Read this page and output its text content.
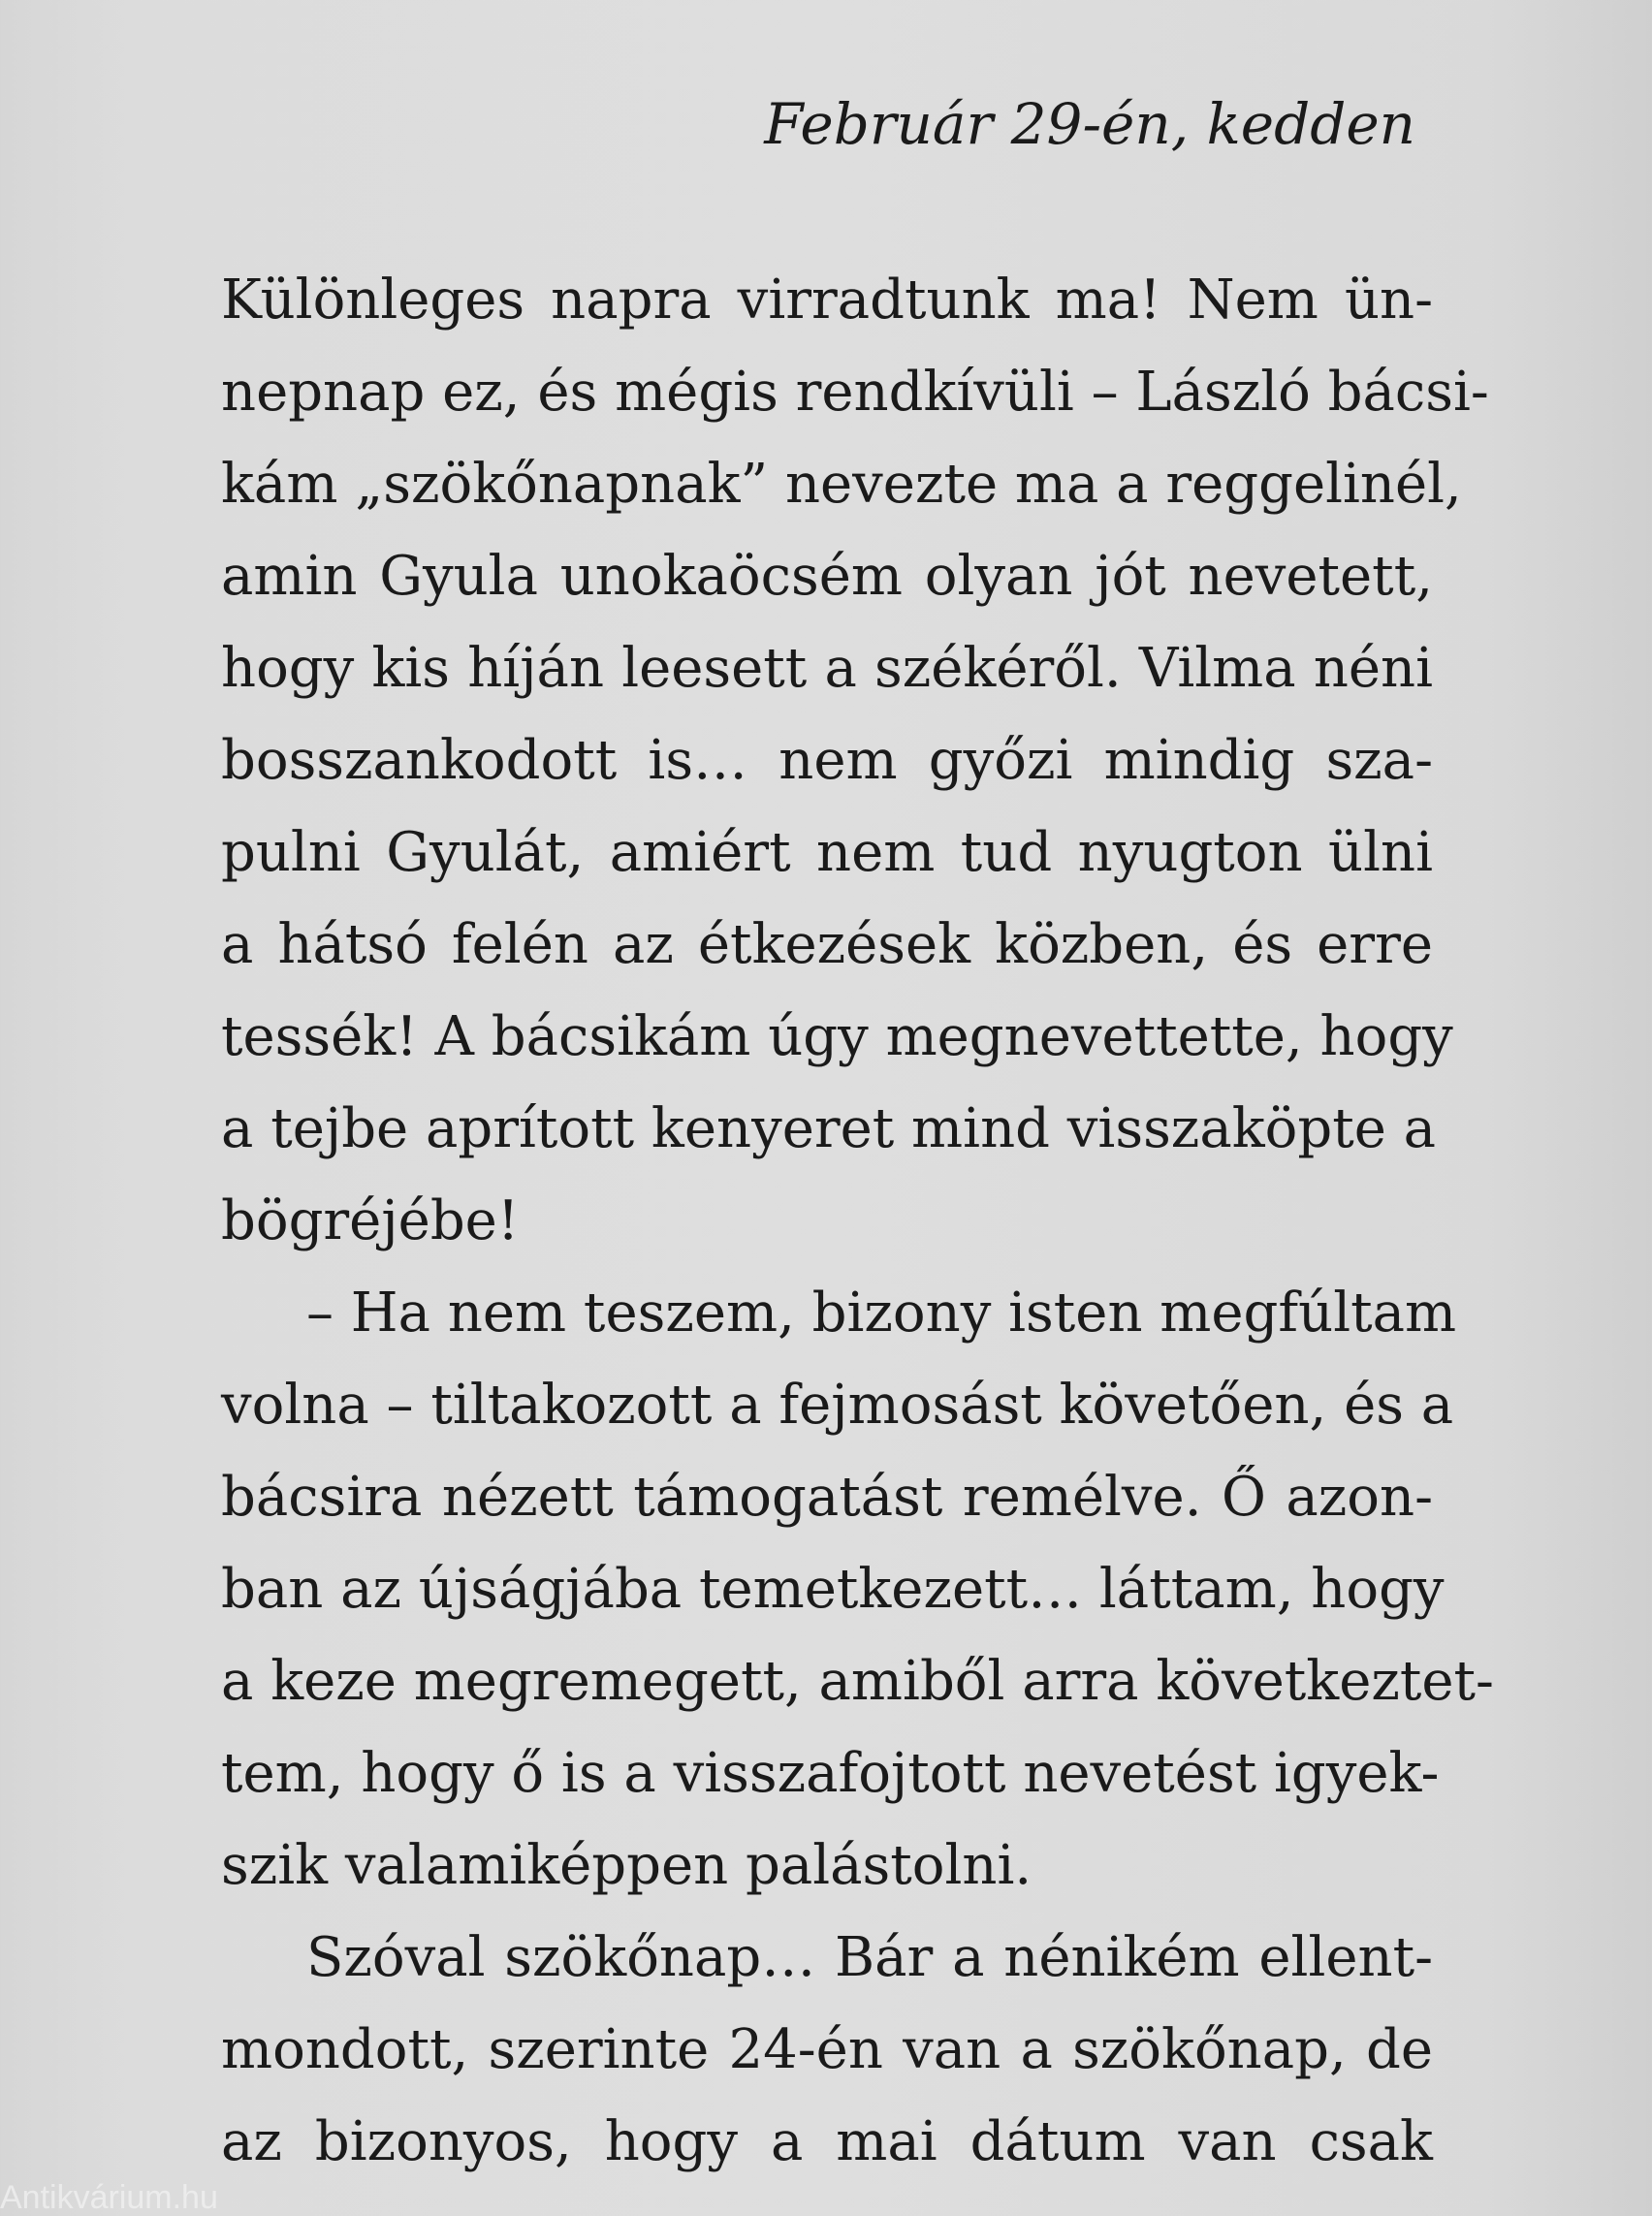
Február 29-én, kedden
Különleges napra virradtunk ma! Nem ün-
nepnap ez, és mégis rendkívüli – László bácsi-
kám „szökőnapnak” nevezte ma a reggelinél,
amin Gyula unokaöcsém olyan jót nevetett,
hogy kis híján leesett a székéről. Vilma néni
bosszankodott is… nem győzi mindig sza-
pulni Gyulát, amiért nem tud nyugton ülni
a hátsó felén az étkezések közben, és erre
tessék! A bácsikám úgy megnevettette, hogy
a tejbe aprított kenyeret mind visszaköpte a
bögréjébe!
– Ha nem teszem, bizony isten megfúltam
volna – tiltakozott a fejmosást követően, és a
bácsira nézett támogatást remélve. Ő azon-
ban az újságjába temetkezett… láttam, hogy
a keze megremegett, amiből arra következtet-
tem, hogy ő is a visszafojtott nevetést igyek-
szik valamiképpen palástolni.
Szóval szökőnap… Bár a nénikém ellent-
mondott, szerinte 24-én van a szökőnap, de
az bizonyos, hogy a mai dátum van csak
Antikvárium.hu
